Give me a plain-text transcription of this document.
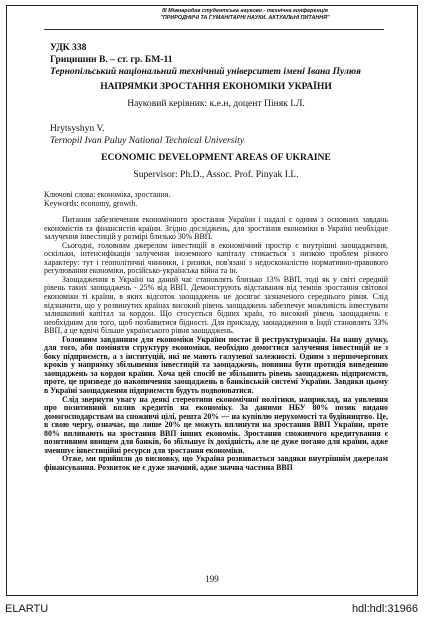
III Міжнародна студентська науково - технічна конференція
"ПРИРОДНИЧІ ТА ГУМАНІТАРНІ НАУКИ. АКТУАЛЬНІ ПИТАННЯ"
УДК 338
Грицишин В. – ст. гр. БМ-11
Тернопільський національний технічний університет імені Івана Пулюя
НАПРЯМКИ ЗРОСТАННЯ ЕКОНОМІКИ УКРАЇНИ
Науковий керівник: к.е.н, доцент Піняк І.Л.
Hrytsyshyn V.
Ternopil Ivan Puluy National Technical University
ECONOMIC DEVELOPMENT AREAS OF UKRAINE
Supervisor: Ph.D., Assoc. Prof. Pinyak I.L.

Ключові слова: економіка, зростання.

Keywords: economy, growth.

Питання забезпечення економічного зростання України і надалі є одним з основних завдань економістів та фінансистів країни. Згідно досліджень, для зростання економіки в Україні необхідне залучення інвестицій у розмірі близько 30% ВВП.

Сьогодні, головним джерелом інвестицій в економічний простір є внутрішні заощадження, оскільки, інтенсифікація залучення іноземного капіталу стикається з низкою проблем різного характеру: тут і геополітичні чинники, і ризики, пов'язані з недосконалістю нормативно-правового регулювання економіки, російсько-українська війна та ін.

Заощадження в Україні на даний час становлять близько 13% ВВП, тоді як у світі середній рівень таких заощаджень - 25% від ВВП. Демонструють відставання від темпів зростання світової економіки ті країни, в яких відсоток заощаджень не досягає зазначеного середнього рівня. Слід відзначити, що у розвинутих країнах високий рівень заощаджень забезпечує можливість інвестувати залишковий капітал за кордон. Що стосується бідних країн, то високий рівень заощаджень є необхідним для того, щоб позбавитися бідності. Для прикладу, заощадження в Індії становлять 33% ВВП, а це вдвічі більше українського рівня заощаджень.

Головним завданням для економіки України постає її реструктуризація. На нашу думку, для того, аби поміняти структуру економіки, необхідно домогтися залучення інвестицій не з боку підприємств, а з інституцій, які не мають галузевої залежності. Одним з першочергових кроків у напрямку збільшення інвестицій та заощаджень, повинна бути протидія виведенню заощаджень за кордон країни. Хоча цей спосіб не збільшить рівень заощаджень підприємств, проте, це призведе до накопичення заощаджень в банківській системі України. Завдяки цьому в Україні заощадження підприємств будуть подвоюватися.

Слід звернути увагу на деякі стереотипи економічної політики, наприклад, на уявлення про позитивний вплив кредитів на економіку. За даними НБУ 80% позик видано домогосподарствам на споживчі цілі, решта 20% — на купівлю нерухомості та будівництво. Це, в свою чергу, означає, що лише 20% це можуть вплинути на зростання ВВП України, проте 80% впливають на зростання ВВП інших економік. Зростання споживчого кредитування є позитивним явищем для банків, бо збільшує їх дохідність, але це дуже погано для країни, адже зменшує інвестиційні ресурси для зростання економіки.

Отже, ми прийшли до висновку, що Україна розвивається завдяки внутрішнім джерелам фінансування. Розвиток не є дуже значний, адже значна частина ВВП

199
ELARTU	hdl:hdl:31966
